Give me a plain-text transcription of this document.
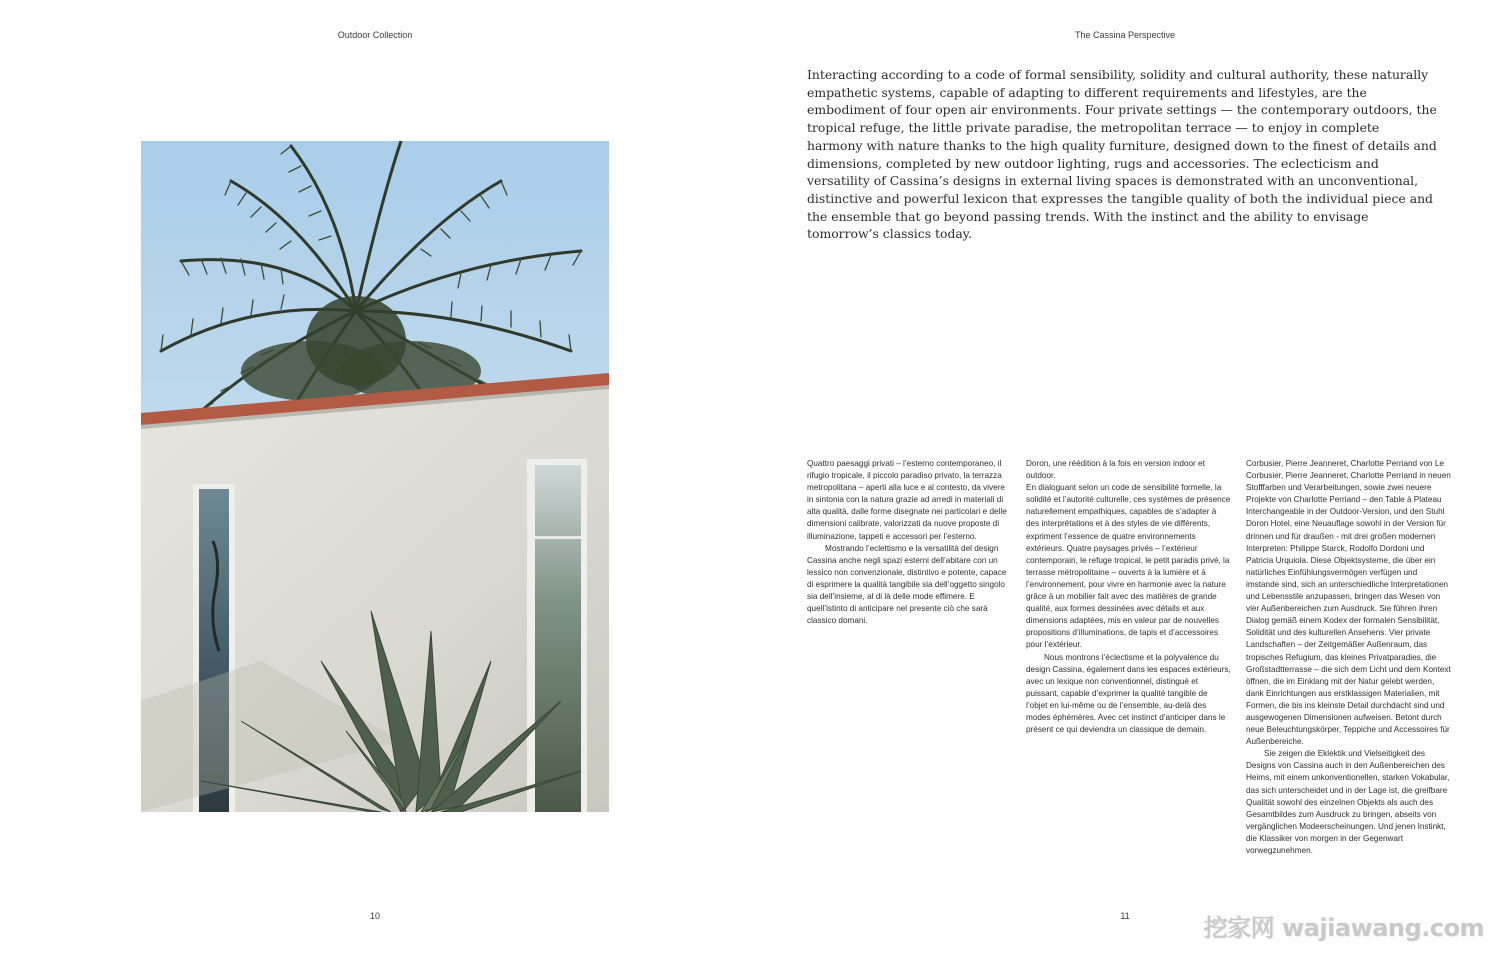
Outdoor Collection	The Cassina Perspective

Interacting according to a code of formal sensibility, solidity and cultural authority, these naturally empathetic systems, capable of adapting to different requirements and lifestyles, are the embodiment of four open air environments. Four private settings — the contemporary outdoors, the tropical refuge, the little private paradise, the metropolitan terrace — to enjoy in complete harmony with nature thanks to the high quality furniture, designed down to the finest of details and dimensions, completed by new outdoor lighting, rugs and accessories. The eclecticism and versatility of Cassina’s designs in external living spaces is demonstrated with an unconventional, distinctive and powerful lexicon that expresses the tangible quality of both the individual piece and the ensemble that go beyond passing trends. With the instinct and the ability to envisage tomorrow’s classics today.

Quattro paesaggi privati – l’esterno contemporaneo, il rifugio tropicale, il piccolo paradiso privato, la terrazza metropolitana – aperti alla luce e al contesto, da vivere in sintonia con la natura grazie ad arredi in materiali di alta qualità, dalle forme disegnate nei particolari e delle dimensioni calibrate, valorizzati da nuove proposte di illuminazione, tappeti e accessori per l’esterno.

Mostrando l’eclettismo e la versatilità del design Cassina anche negli spazi esterni dell’abitare con un lessico non convenzionale, distintivo e potente, capace di esprimere la qualità tangibile sia dell’oggetto singolo sia dell’insieme, al di là delle mode effimere. E quell’istinto di anticipare nel presente ciò che sarà classico domani.

Doron, une réédition à la fois en version indoor et outdoor.
En dialoguant selon un code de sensibilité formelle, la solidité et l’autorité culturelle, ces systèmes de présence naturellement empathiques, capables de s’adapter à des interprétations et à des styles de vie différents, expriment l’essence de quatre environnements extérieurs. Quatre paysages privés – l’extérieur contemporain, le refuge tropical, le petit paradis privé, la terrasse métropolitaine – ouverts à la lumière et à l’environnement, pour vivre en harmonie avec la nature grâce à un mobilier fait avec des matières de grande qualité, aux formes dessinées avec détails et aux dimensions adaptées, mis en valeur par de nouvelles propositions d’illuminations, de tapis et d’accessoires pour l’extérieur.

Nous montrons l’éclectisme et la polyvalence du design Cassina, également dans les espaces extérieurs, avec un lexique non conventionnel, distingué et puissant, capable d’exprimer la qualité tangible de l’objet en lui-même ou de l’ensemble, au-delà des modes éphémères. Avec cet instinct d’anticiper dans le présent ce qui deviendra un classique de demain.

Corbusier, Pierre Jeanneret, Charlotte Perriand von Le Corbusier, Pierre Jeanneret, Charlotte Perriand in neuen Stofffarben und Verarbeitungen, sowie zwei neuere Projekte von Charlotte Perriand – den Table à Plateau Interchangeable in der Outdoor-Version, und den Stuhl Doron Hotel, eine Neuauflage sowohl in der Version für drinnen und für draußen - mit drei großen modernen Interpreten: Philippe Starck, Rodolfo Dordoni und Patricia Urquiola. Diese Objektsysteme, die über ein natürliches Einfühlungsvermögen verfügen und imstande sind, sich an unterschiedliche Interpretationen und Lebensstile anzupassen, bringen das Wesen von vier Außenbereichen zum Ausdruck. Sie führen ihren Dialog gemäß einem Kodex der formalen Sensibilität, Solidität und des kulturellen Ansehens. Vier private Landschaften – der Zeitgemäßer Außenraum, das tropisches Refugium, das kleines Privatparadies, die Großstadtterrasse – die sich dem Licht und dem Kontext öffnen, die im Einklang mit der Natur gelebt werden, dank Einrichtungen aus erstklassigen Materialien, mit Formen, die bis ins kleinste Detail durchdacht sind und ausgewogenen Dimensionen aufweisen. Betont durch neue Beleuchtungskörper, Teppiche und Accessoires für Außenbereiche.

Sie zeigen die Eklektik und Vielseitigkeit des Designs von Cassina auch in den Außenbereichen des Heims, mit einem unkonventionellen, starken Vokabular, das sich unterscheidet und in der Lage ist, die greifbare Qualität sowohl des einzelnen Objekts als auch des Gesamtbildes zum Ausdruck zu bringen, abseits von vergänglichen Modeerscheinungen. Und jenen Instinkt, die Klassiker von morgen in der Gegenwart vorwegzunehmen.

10	11	挖家网 wajiawang.com
